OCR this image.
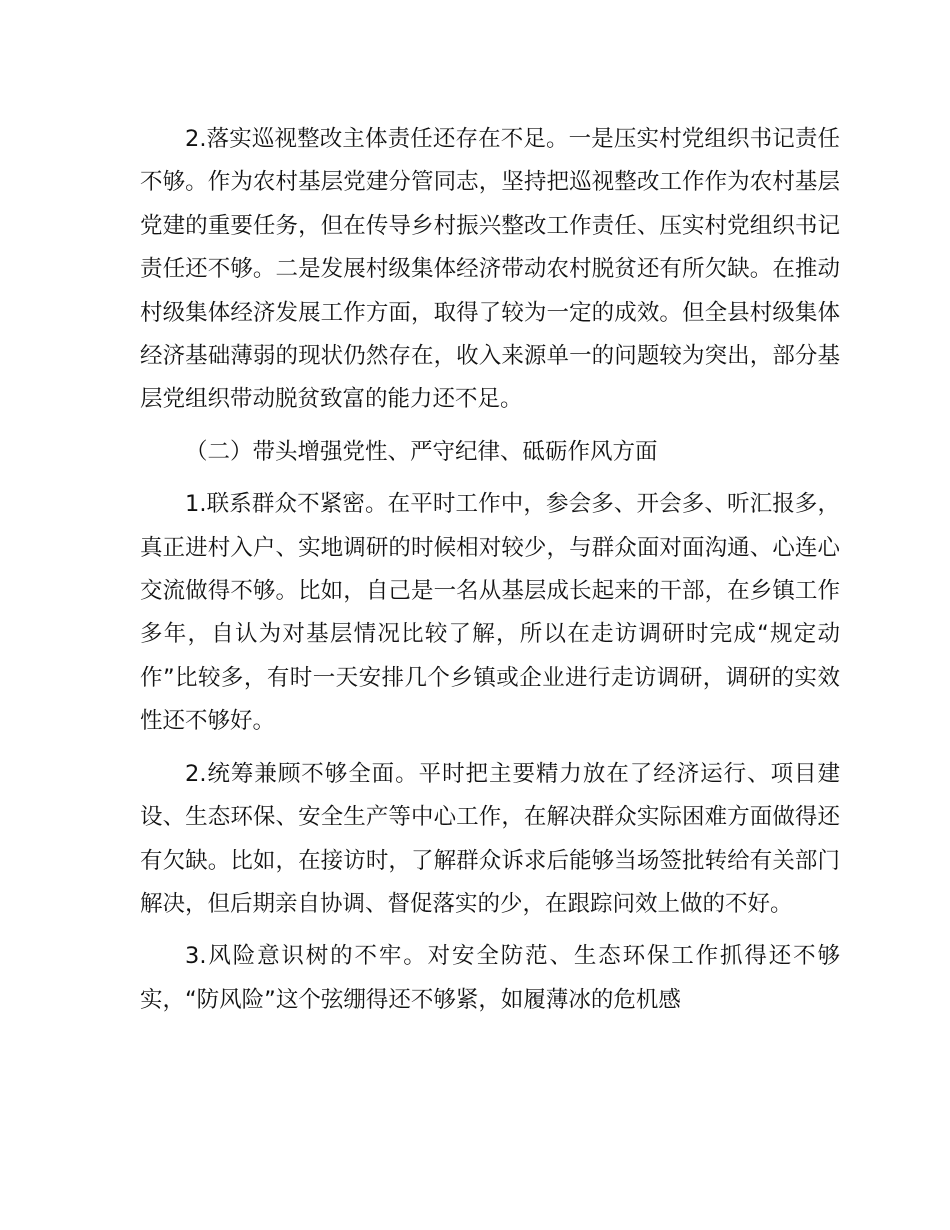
2.落实巡视整改主体责任还存在不足。一是压实村党组织书记责任不够。作为农村基层党建分管同志，坚持把巡视整改工作作为农村基层党建的重要任务，但在传导乡村振兴整改工作责任、压实村党组织书记责任还不够。二是发展村级集体经济带动农村脱贫还有所欠缺。在推动村级集体经济发展工作方面，取得了较为一定的成效。但全县村级集体经济基础薄弱的现状仍然存在，收入来源单一的问题较为突出，部分基层党组织带动脱贫致富的能力还不足。

（二）带头增强党性、严守纪律、砥砺作风方面

1.联系群众不紧密。在平时工作中，参会多、开会多、听汇报多，真正进村入户、实地调研的时候相对较少，与群众面对面沟通、心连心交流做得不够。比如，自己是一名从基层成长起来的干部，在乡镇工作多年，自认为对基层情况比较了解，所以在走访调研时完成“规定动作”比较多，有时一天安排几个乡镇或企业进行走访调研，调研的实效性还不够好。

2.统筹兼顾不够全面。平时把主要精力放在了经济运行、项目建设、生态环保、安全生产等中心工作，在解决群众实际困难方面做得还有欠缺。比如，在接访时，了解群众诉求后能够当场签批转给有关部门解决，但后期亲自协调、督促落实的少，在跟踪问效上做的不好。

3.风险意识树的不牢。对安全防范、生态环保工作抓得还不够实，“防风险”这个弦绷得还不够紧，如履薄冰的危机感
